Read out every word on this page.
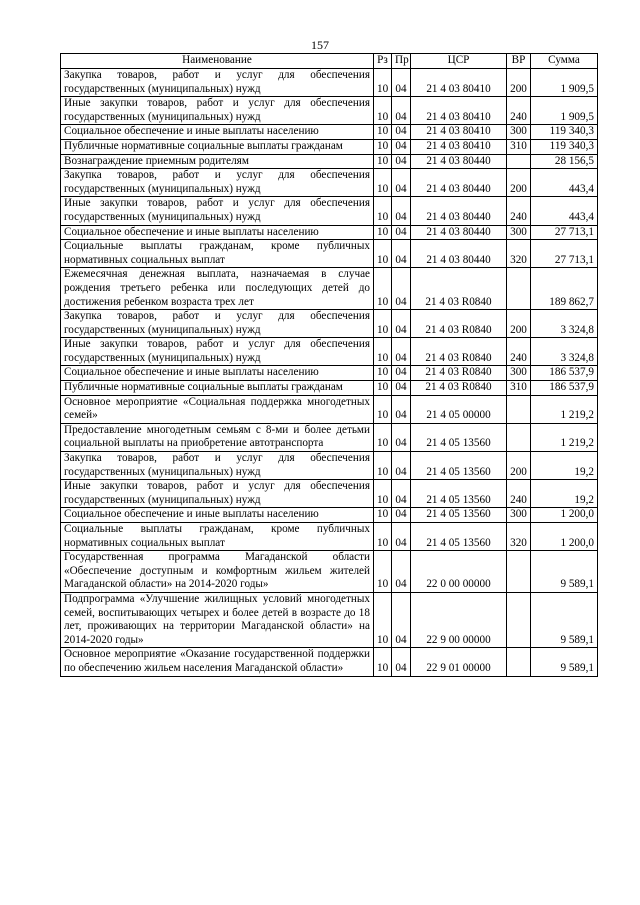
157
Наименование	Рз	Пр	ЦСР	ВР	Сумма
Закупка товаров, работ и услуг для обеспечения государственных (муниципальных) нужд	10	04	21 4 03 80410	200	1 909,5
Иные закупки товаров, работ и услуг для обеспечения государственных (муниципальных) нужд	10	04	21 4 03 80410	240	1 909,5
Социальное обеспечение и иные выплаты населению	10	04	21 4 03 80410	300	119 340,3
Публичные нормативные социальные выплаты гражданам	10	04	21 4 03 80410	310	119 340,3
Вознаграждение приемным родителям	10	04	21 4 03 80440		28 156,5
Закупка товаров, работ и услуг для обеспечения государственных (муниципальных) нужд	10	04	21 4 03 80440	200	443,4
Иные закупки товаров, работ и услуг для обеспечения государственных (муниципальных) нужд	10	04	21 4 03 80440	240	443,4
Социальное обеспечение и иные выплаты населению	10	04	21 4 03 80440	300	27 713,1
Социальные выплаты гражданам, кроме публичных нормативных социальных выплат	10	04	21 4 03 80440	320	27 713,1
Ежемесячная денежная выплата, назначаемая в случае рождения третьего ребенка или последующих детей до достижения ребенком возраста трех лет	10	04	21 4 03 R0840		189 862,7
Закупка товаров, работ и услуг для обеспечения государственных (муниципальных) нужд	10	04	21 4 03 R0840	200	3 324,8
Иные закупки товаров, работ и услуг для обеспечения государственных (муниципальных) нужд	10	04	21 4 03 R0840	240	3 324,8
Социальное обеспечение и иные выплаты населению	10	04	21 4 03 R0840	300	186 537,9
Публичные нормативные социальные выплаты гражданам	10	04	21 4 03 R0840	310	186 537,9
Основное мероприятие «Социальная поддержка многодетных семей»	10	04	21 4 05 00000		1 219,2
Предоставление многодетным семьям с 8-ми и более детьми социальной выплаты на приобретение автотранспорта	10	04	21 4 05 13560		1 219,2
Закупка товаров, работ и услуг для обеспечения государственных (муниципальных) нужд	10	04	21 4 05 13560	200	19,2
Иные закупки товаров, работ и услуг для обеспечения государственных (муниципальных) нужд	10	04	21 4 05 13560	240	19,2
Социальное обеспечение и иные выплаты населению	10	04	21 4 05 13560	300	1 200,0
Социальные выплаты гражданам, кроме публичных нормативных социальных выплат	10	04	21 4 05 13560	320	1 200,0
Государственная программа Магаданской области «Обеспечение доступным и комфортным жильем жителей Магаданской области» на 2014-2020 годы»	10	04	22 0 00 00000		9 589,1
Подпрограмма «Улучшение жилищных условий многодетных семей, воспитывающих четырех и более детей в возрасте до 18 лет, проживающих на территории Магаданской области» на 2014-2020 годы»	10	04	22 9 00 00000		9 589,1
Основное мероприятие «Оказание государственной поддержки по обеспечению жильем населения Магаданской области»	10	04	22 9 01 00000		9 589,1
